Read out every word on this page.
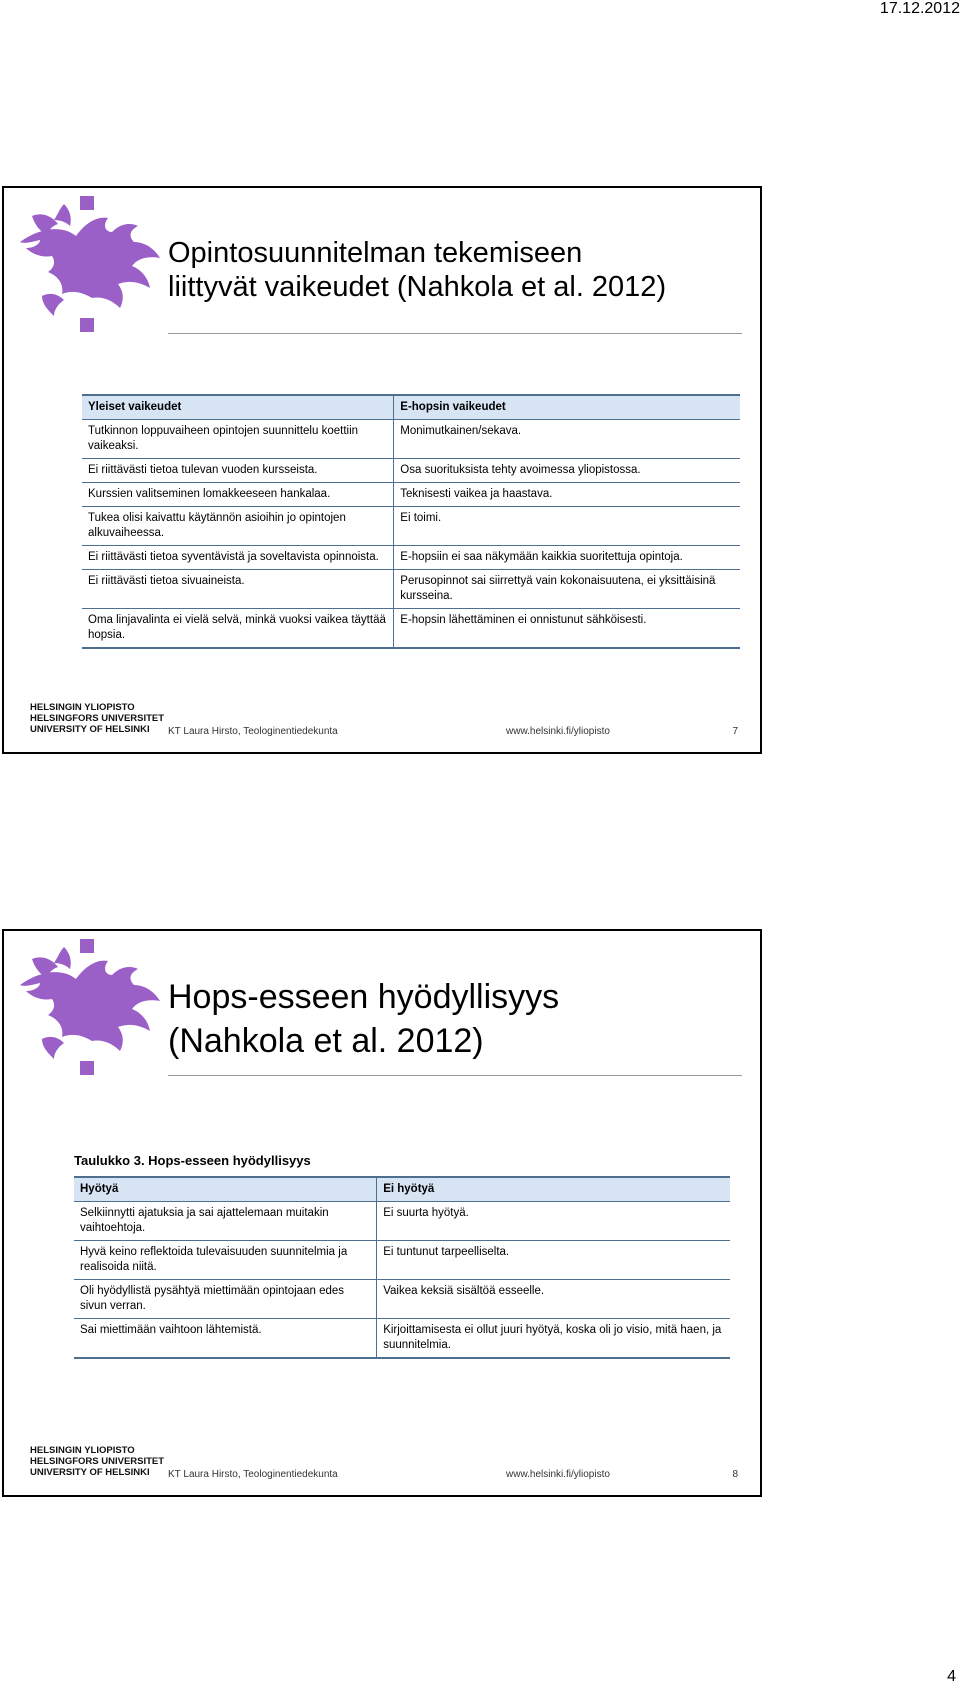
17.12.2012
Opintosuunnitelman tekemiseen
liittyvät vaikeudet (Nahkola et al. 2012)
Yleiset vaikeudet	E-hopsin vaikeudet
Tutkinnon loppuvaiheen opintojen suunnittelu koettiin vaikeaksi.	Monimutkainen/sekava.
Ei riittävästi tietoa tulevan vuoden kursseista.	Osa suorituksista tehty avoimessa yliopistossa.
Kurssien valitseminen lomakkeeseen hankalaa.	Teknisesti vaikea ja haastava.
Tukea olisi kaivattu käytännön asioihin jo opintojen alkuvaiheessa.	Ei toimi.
Ei riittävästi tietoa syventävistä ja soveltavista opinnoista.	E-hopsiin ei saa näkymään kaikkia suoritettuja opintoja.
Ei riittävästi tietoa sivuaineista.	Perusopinnot sai siirrettyä vain kokonaisuutena, ei yksittäisinä kursseina.
Oma linjavalinta ei vielä selvä, minkä vuoksi vaikea täyttää hopsia.	E-hopsin lähettäminen ei onnistunut sähköisesti.
HELSINGIN YLIOPISTO
HELSINGFORS UNIVERSITET
UNIVERSITY OF HELSINKI	KT Laura Hirsto, Teologinentiedekunta	www.helsinki.fi/yliopisto	7
Hops-esseen hyödyllisyys
(Nahkola et al. 2012)

Taulukko 3. Hops-esseen hyödyllisyys

Hyötyä	Ei hyötyä
Selkiinnytti ajatuksia ja sai ajattelemaan muitakin vaihtoehtoja.	Ei suurta hyötyä.
Hyvä keino reflektoida tulevaisuuden suunnitelmia ja realisoida niitä.	Ei tuntunut tarpeelliselta.
Oli hyödyllistä pysähtyä miettimään opintojaan edes sivun verran.	Vaikea keksiä sisältöä esseelle.
Sai miettimään vaihtoon lähtemistä.	Kirjoittamisesta ei ollut juuri hyötyä, koska oli jo visio, mitä haen, ja suunnitelmia.
HELSINGIN YLIOPISTO
HELSINGFORS UNIVERSITET
UNIVERSITY OF HELSINKI	KT Laura Hirsto, Teologinentiedekunta	www.helsinki.fi/yliopisto	8
4
